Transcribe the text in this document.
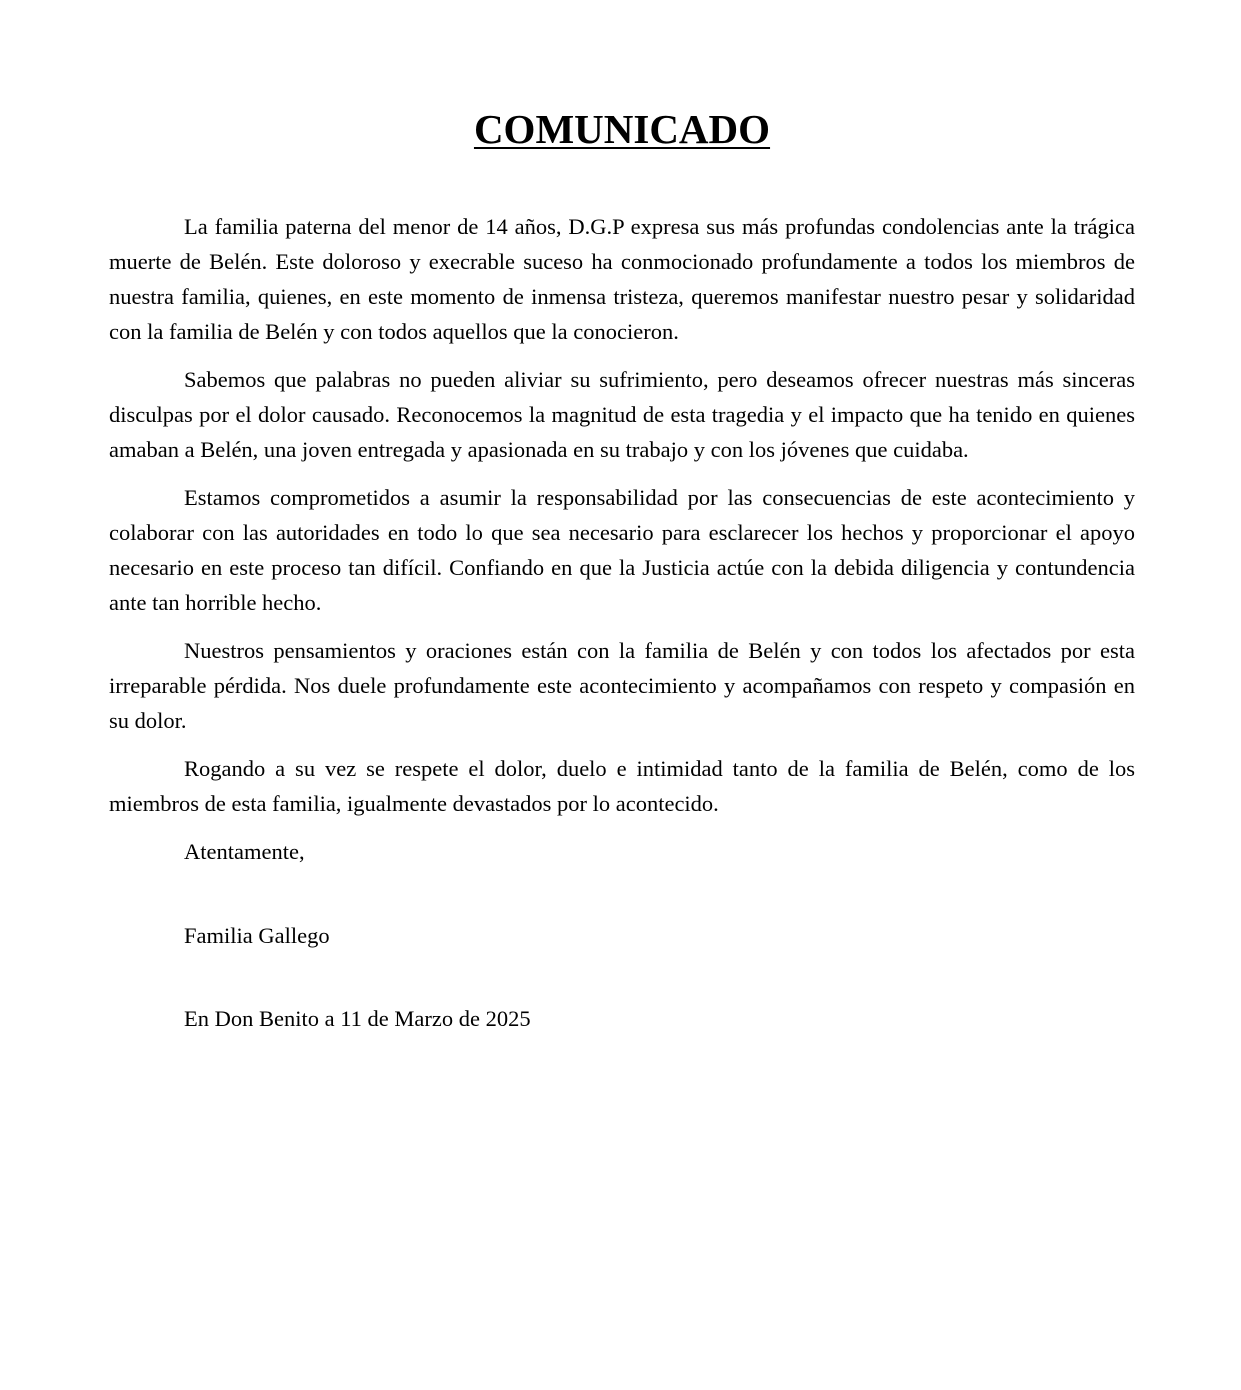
COMUNICADO

La familia paterna del menor de 14 años, D.G.P expresa sus más profundas condolencias ante la trágica muerte de Belén. Este doloroso y execrable suceso ha conmocionado profundamente a todos los miembros de nuestra familia, quienes, en este momento de inmensa tristeza, queremos manifestar nuestro pesar y solidaridad con la familia de Belén y con todos aquellos que la conocieron.

Sabemos que palabras no pueden aliviar su sufrimiento, pero deseamos ofrecer nuestras más sinceras disculpas por el dolor causado. Reconocemos la magnitud de esta tragedia y el impacto que ha tenido en quienes amaban a Belén, una joven entregada y apasionada en su trabajo y con los jóvenes que cuidaba.

Estamos comprometidos a asumir la responsabilidad por las consecuencias de este acontecimiento y colaborar con las autoridades en todo lo que sea necesario para esclarecer los hechos y proporcionar el apoyo necesario en este proceso tan difícil. Confiando en que la Justicia actúe con la debida diligencia y contundencia ante tan horrible hecho.

Nuestros pensamientos y oraciones están con la familia de Belén y con todos los afectados por esta irreparable pérdida. Nos duele profundamente este acontecimiento y acompañamos con respeto y compasión en su dolor.

Rogando a su vez se respete el dolor, duelo e intimidad tanto de la familia de Belén, como de los miembros de esta familia, igualmente devastados por lo acontecido.

Atentamente,

Familia Gallego

En Don Benito a 11 de Marzo de 2025
